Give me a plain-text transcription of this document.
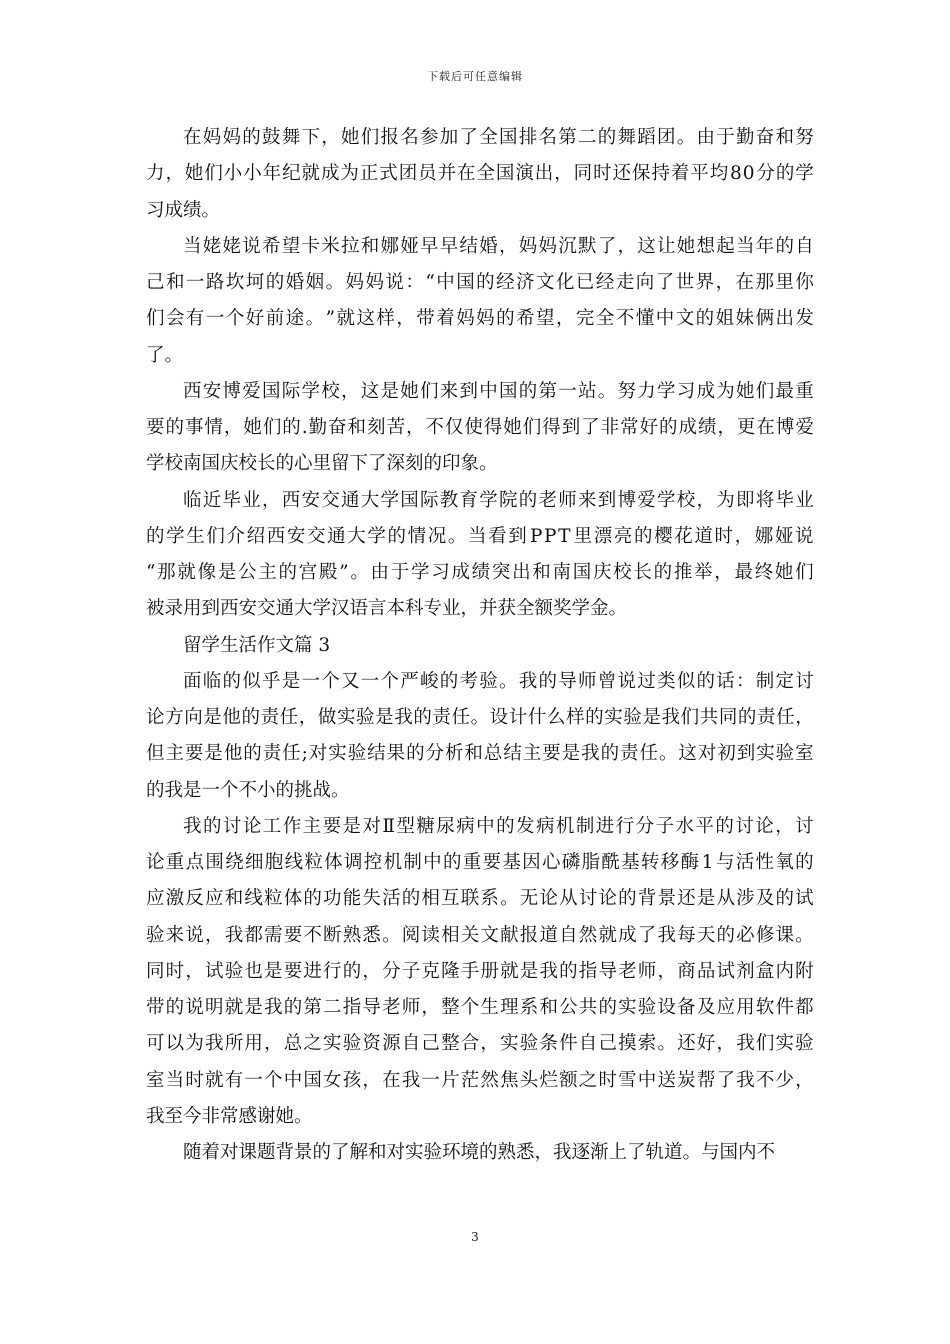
下载后可任意编辑
在 妈 妈 的 鼓 舞 下 ， 她 们 报 名 参 加 了 全 国 排 名 第 二 的 舞 蹈 团 。 由 于 勤 奋 和 努
力 ， 她 们 小 小 年 纪 就 成 为 正 式 团 员 并 在 全 国 演 出 ， 同 时 还 保 持 着 平 均 8 0 分 的 学
习成绩。
当 姥 姥 说 希 望 卡 米 拉 和 娜 娅 早 早 结 婚 ， 妈 妈 沉 默 了 ， 这 让 她 想 起 当 年 的 自
己 和 一 路 坎 坷 的 婚 姻 。 妈 妈 说 ： “ 中 国 的 经 济 文 化 已 经 走 向 了 世 界 ， 在 那 里 你
们 会 有 一 个 好 前 途 。 ” 就 这 样 ， 带 着 妈 妈 的 希 望 ， 完 全 不 懂 中 文 的 姐 妹 俩 出 发
了。
西 安 博 爱 国 际 学 校 ， 这 是 她 们 来 到 中 国 的 第 一 站 。 努 力 学 习 成 为 她 们 最 重
要 的 事 情 ， 她 们 的 . 勤 奋 和 刻 苦 ， 不 仅 使 得 她 们 得 到 了 非 常 好 的 成 绩 ， 更 在 博 爱
学校南国庆校长的心里留下了深刻的印象。
临 近 毕 业 ， 西 安 交 通 大 学 国 际 教 育 学 院 的 老 师 来 到 博 爱 学 校 ， 为 即 将 毕 业
的 学 生 们 介 绍 西 安 交 通 大 学 的 情 况 。 当 看 到 P P T 里 漂 亮 的 樱 花 道 时 ， 娜 娅 说
“ 那 就 像 是 公 主 的 宫 殿 ” 。 由 于 学 习 成 绩 突 出 和 南 国 庆 校 长 的 推 举 ， 最 终 她 们
被录用到西安交通大学汉语言本科专业，并获全额奖学金。
留学生活作文篇 3
面 临 的 似 乎 是 一 个 又 一 个 严 峻 的 考 验 。 我 的 导 师 曾 说 过 类 似 的 话 ： 制 定 讨
论 方 向 是 他 的 责 任 ， 做 实 验 是 我 的 责 任 。 设 计 什 么 样 的 实 验 是 我 们 共 同 的 责 任 ，
但 主 要 是 他 的 责 任 ; 对 实 验 结 果 的 分 析 和 总 结 主 要 是 我 的 责 任 。 这 对 初 到 实 验 室
的我是一个不小的挑战。
我 的 讨 论 工 作 主 要 是 对 Ⅱ 型 糖 尿 病 中 的 发 病 机 制 进 行 分 子 水 平 的 讨 论 ， 讨
论 重 点 围 绕 细 胞 线 粒 体 调 控 机 制 中 的 重 要 基 因 心 磷 脂 酰 基 转 移 酶 1 与 活 性 氧 的
应 激 反 应 和 线 粒 体 的 功 能 失 活 的 相 互 联 系 。 无 论 从 讨 论 的 背 景 还 是 从 涉 及 的 试
验 来 说 ， 我 都 需 要 不 断 熟 悉 。 阅 读 相 关 文 献 报 道 自 然 就 成 了 我 每 天 的 必 修 课 。
同 时 ， 试 验 也 是 要 进 行 的 ， 分 子 克 隆 手 册 就 是 我 的 指 导 老 师 ， 商 品 试 剂 盒 内 附
带 的 说 明 就 是 我 的 第 二 指 导 老 师 ， 整 个 生 理 系 和 公 共 的 实 验 设 备 及 应 用 软 件 都
可 以 为 我 所 用 ， 总 之 实 验 资 源 自 己 整 合 ， 实 验 条 件 自 己 摸 索 。 还 好 ， 我 们 实 验
室 当 时 就 有 一 个 中 国 女 孩 ， 在 我 一 片 茫 然 焦 头 烂 额 之 时 雪 中 送 炭 帮 了 我 不 少 ，
我至今非常感谢她。
随着对课题背景的了解和对实验环境的熟悉，我逐渐上了轨道。与国内不
3
